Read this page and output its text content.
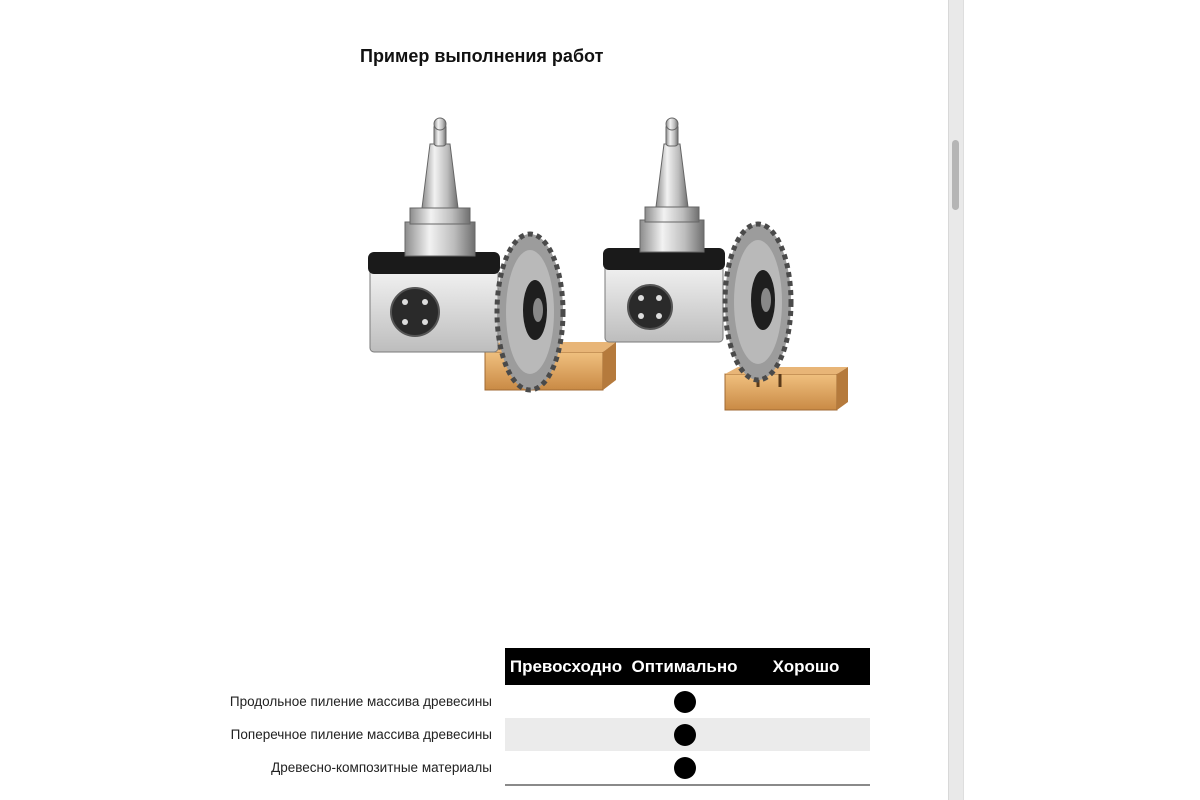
Пример выполнения работ
Превосходно Оптимально	Хорошо
Продольное пиление массива древесины
Поперечное пиление массива древесины
Древесно-композитные материалы
